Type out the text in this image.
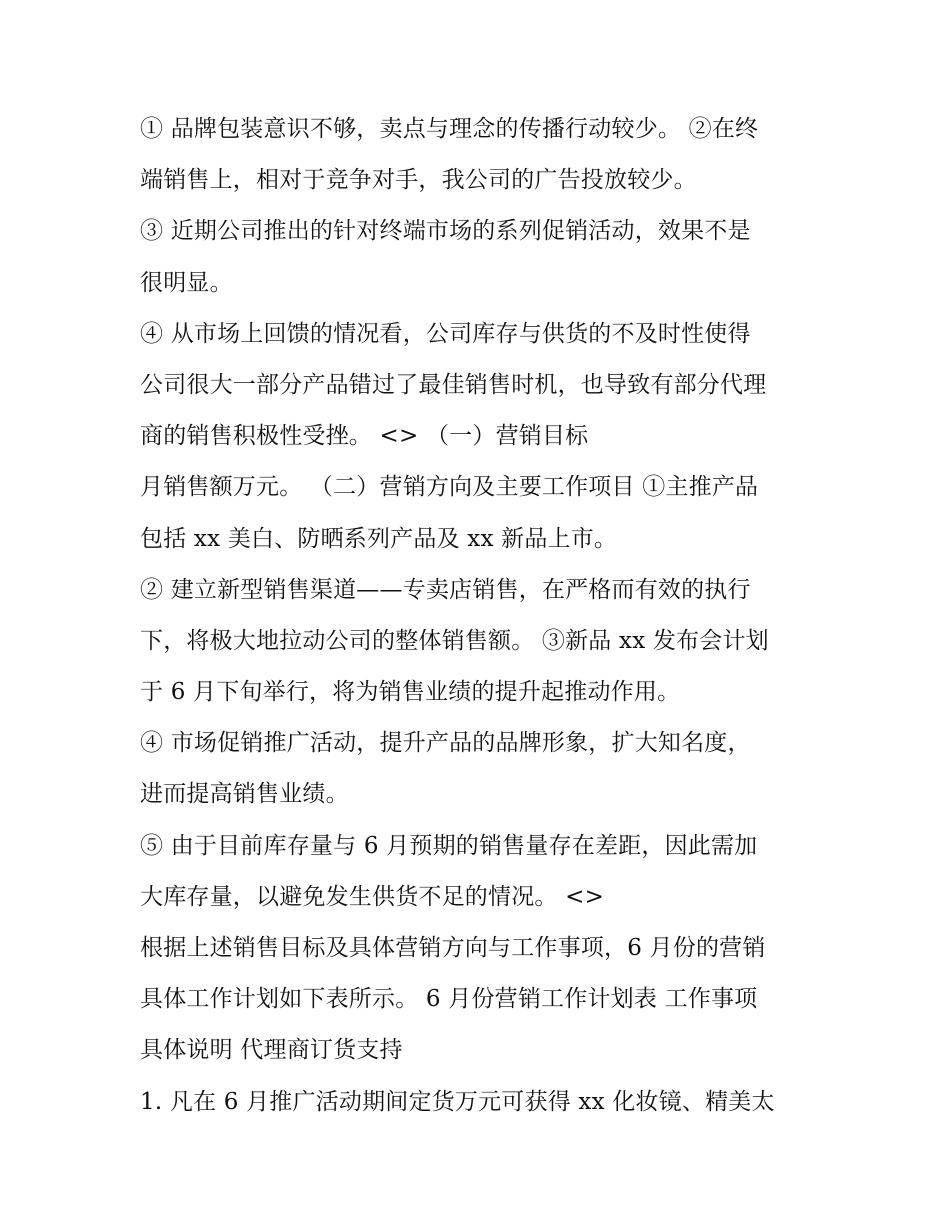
① 品牌包装意识不够，卖点与理念的传播行动较少。 ②在终
端销售上，相对于竞争对手，我公司的广告投放较少。
③ 近期公司推出的针对终端市场的系列促销活动，效果不是
很明显。
④ 从市场上回馈的情况看，公司库存与供货的不及时性使得
公司很大一部分产品错过了最佳销售时机，也导致有部分代理
商的销售积极性受挫。 <> （一）营销目标
月销售额万元。 （二）营销方向及主要工作项目 ①主推产品
包括 xx 美白、防晒系列产品及 xx 新品上市。
② 建立新型销售渠道——专卖店销售，在严格而有效的执行
下，将极大地拉动公司的整体销售额。 ③新品 xx 发布会计划
于 6 月下旬举行，将为销售业绩的提升起推动作用。
④ 市场促销推广活动，提升产品的品牌形象，扩大知名度，
进而提高销售业绩。
⑤ 由于目前库存量与 6 月预期的销售量存在差距，因此需加
大库存量，以避免发生供货不足的情况。 <>
根据上述销售目标及具体营销方向与工作事项，6 月份的营销
具体工作计划如下表所示。 6 月份营销工作计划表 工作事项
具体说明 代理商订货支持
1. 凡在 6 月推广活动期间定货万元可获得 xx 化妆镜、精美太
